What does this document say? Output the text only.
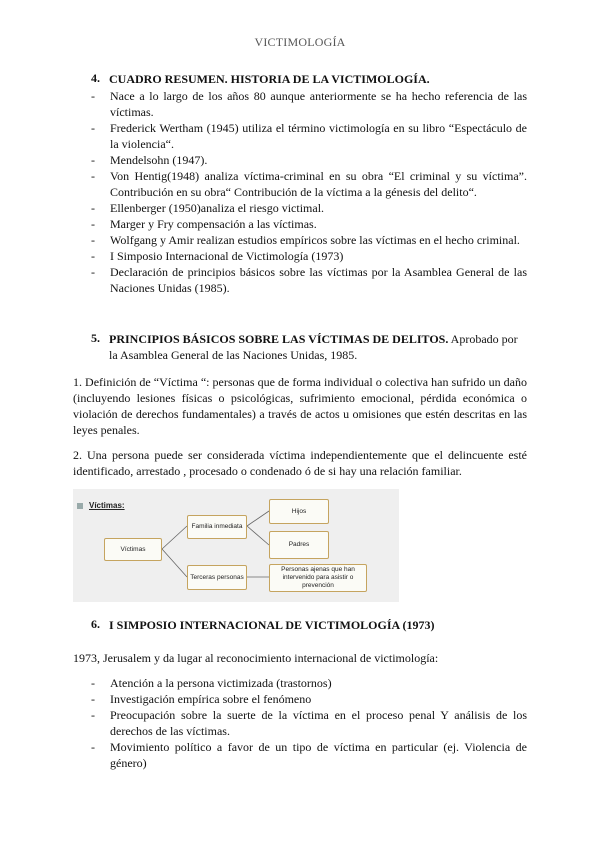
VICTIMOLOGÍA
4. CUADRO RESUMEN. HISTORIA DE LA VICTIMOLOGÍA.
- Nace a lo largo de los años 80 aunque anteriormente se ha hecho referencia de las víctimas.
- Frederick Wertham (1945) utiliza el término victimología en su libro “Espectáculo de la violencia“.
- Mendelsohn (1947).
- Von Hentig(1948) analiza víctima-criminal en su obra “El criminal y su víctima”. Contribución en su obra“ Contribución de la víctima a la génesis del delito“.
- Ellenberger (1950)analiza el riesgo victimal.
- Marger y Fry compensación a las víctimas.
- Wolfgang y Amir realizan estudios empíricos sobre las víctimas en el hecho criminal.
- I Simposio Internacional de Victimología (1973)
- Declaración de principios básicos sobre las víctimas por la Asamblea General de las Naciones Unidas (1985).
5. PRINCIPIOS BÁSICOS SOBRE LAS VÍCTIMAS DE DELITOS. Aprobado por
la Asamblea General de las Naciones Unidas, 1985.
1. Definición de “Víctima “: personas que de forma individual o colectiva han sufrido un daño (incluyendo lesiones físicas o psicológicas, sufrimiento emocional, pérdida económica o violación de derechos fundamentales) a través de actos u omisiones que estén descritas en las leyes penales.
2. Una persona puede ser considerada víctima independientemente que el delincuente esté identificado, arrestado , procesado o condenado ó de si hay una relación familiar.
Víctimas:
Víctimas
Familia inmediata
Terceras personas
Hijos
Padres
Personas ajenas que han intervenido para asistir o prevención
6. I SIMPOSIO INTERNACIONAL DE VICTIMOLOGÍA (1973)
1973, Jerusalem y da lugar al reconocimiento internacional de victimología:
- Atención a la persona victimizada (trastornos)
- Investigación empírica sobre el fenómeno
- Preocupación sobre la suerte de la víctima en el proceso penal Y análisis de los derechos de las víctimas.
- Movimiento político a favor de un tipo de víctima en particular (ej. Violencia de género)
